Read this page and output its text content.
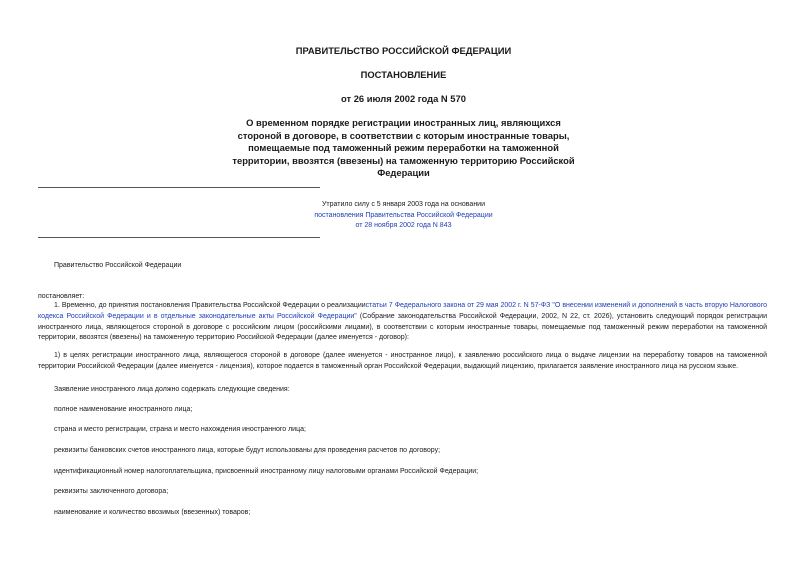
ПРАВИТЕЛЬСТВО РОССИЙСКОЙ ФЕДЕРАЦИИ
ПОСТАНОВЛЕНИЕ
от 26 июля 2002 года N 570
О временном порядке регистрации иностранных лиц, являющихся стороной в договоре, в соответствии с которым иностранные товары, помещаемые под таможенный режим переработки на таможенной территории, ввозятся (ввезены) на таможенную территорию Российской Федерации
Утратило силу с 5 января 2003 года на основании
постановления Правительства Российской Федерации
от 28 ноября 2002 года N 843
Правительство Российской Федерации
постановляет:
1. Временно, до принятия постановления Правительства Российской Федерации о реализациистатьи 7 Федерального закона от 29 мая 2002 г. N 57-ФЗ "О внесении изменений и дополнений в часть вторую Налогового кодекса Российской Федерации и в отдельные законодательные акты Российской Федерации" (Собрание законодательства Российской Федерации, 2002, N 22, ст. 2026), установить следующий порядок регистрации иностранного лица, являющегося стороной в договоре с российским лицом (российскими лицами), в соответствии с которым иностранные товары, помещаемые под таможенный режим переработки на таможенной территории, ввозятся (ввезены) на таможенную территорию Российской Федерации (далее именуется - договор):
1) в целях регистрации иностранного лица, являющегося стороной в договоре (далее именуется - иностранное лицо), к заявлению российского лица о выдаче лицензии на переработку товаров на таможенной территории Российской Федерации (далее именуется - лицензия), которое подается в таможенный орган Российской Федерации, выдающий лицензию, прилагается заявление иностранного лица на русском языке.
Заявление иностранного лица должно содержать следующие сведения:
полное наименование иностранного лица;
страна и место регистрации, страна и место нахождения иностранного лица;
реквизиты банковских счетов иностранного лица, которые будут использованы для проведения расчетов по договору;
идентификационный номер налогоплательщика, присвоенный иностранному лицу налоговыми органами Российской Федерации;
реквизиты заключенного договора;
наименование и количество ввозимых (ввезенных) товаров;
